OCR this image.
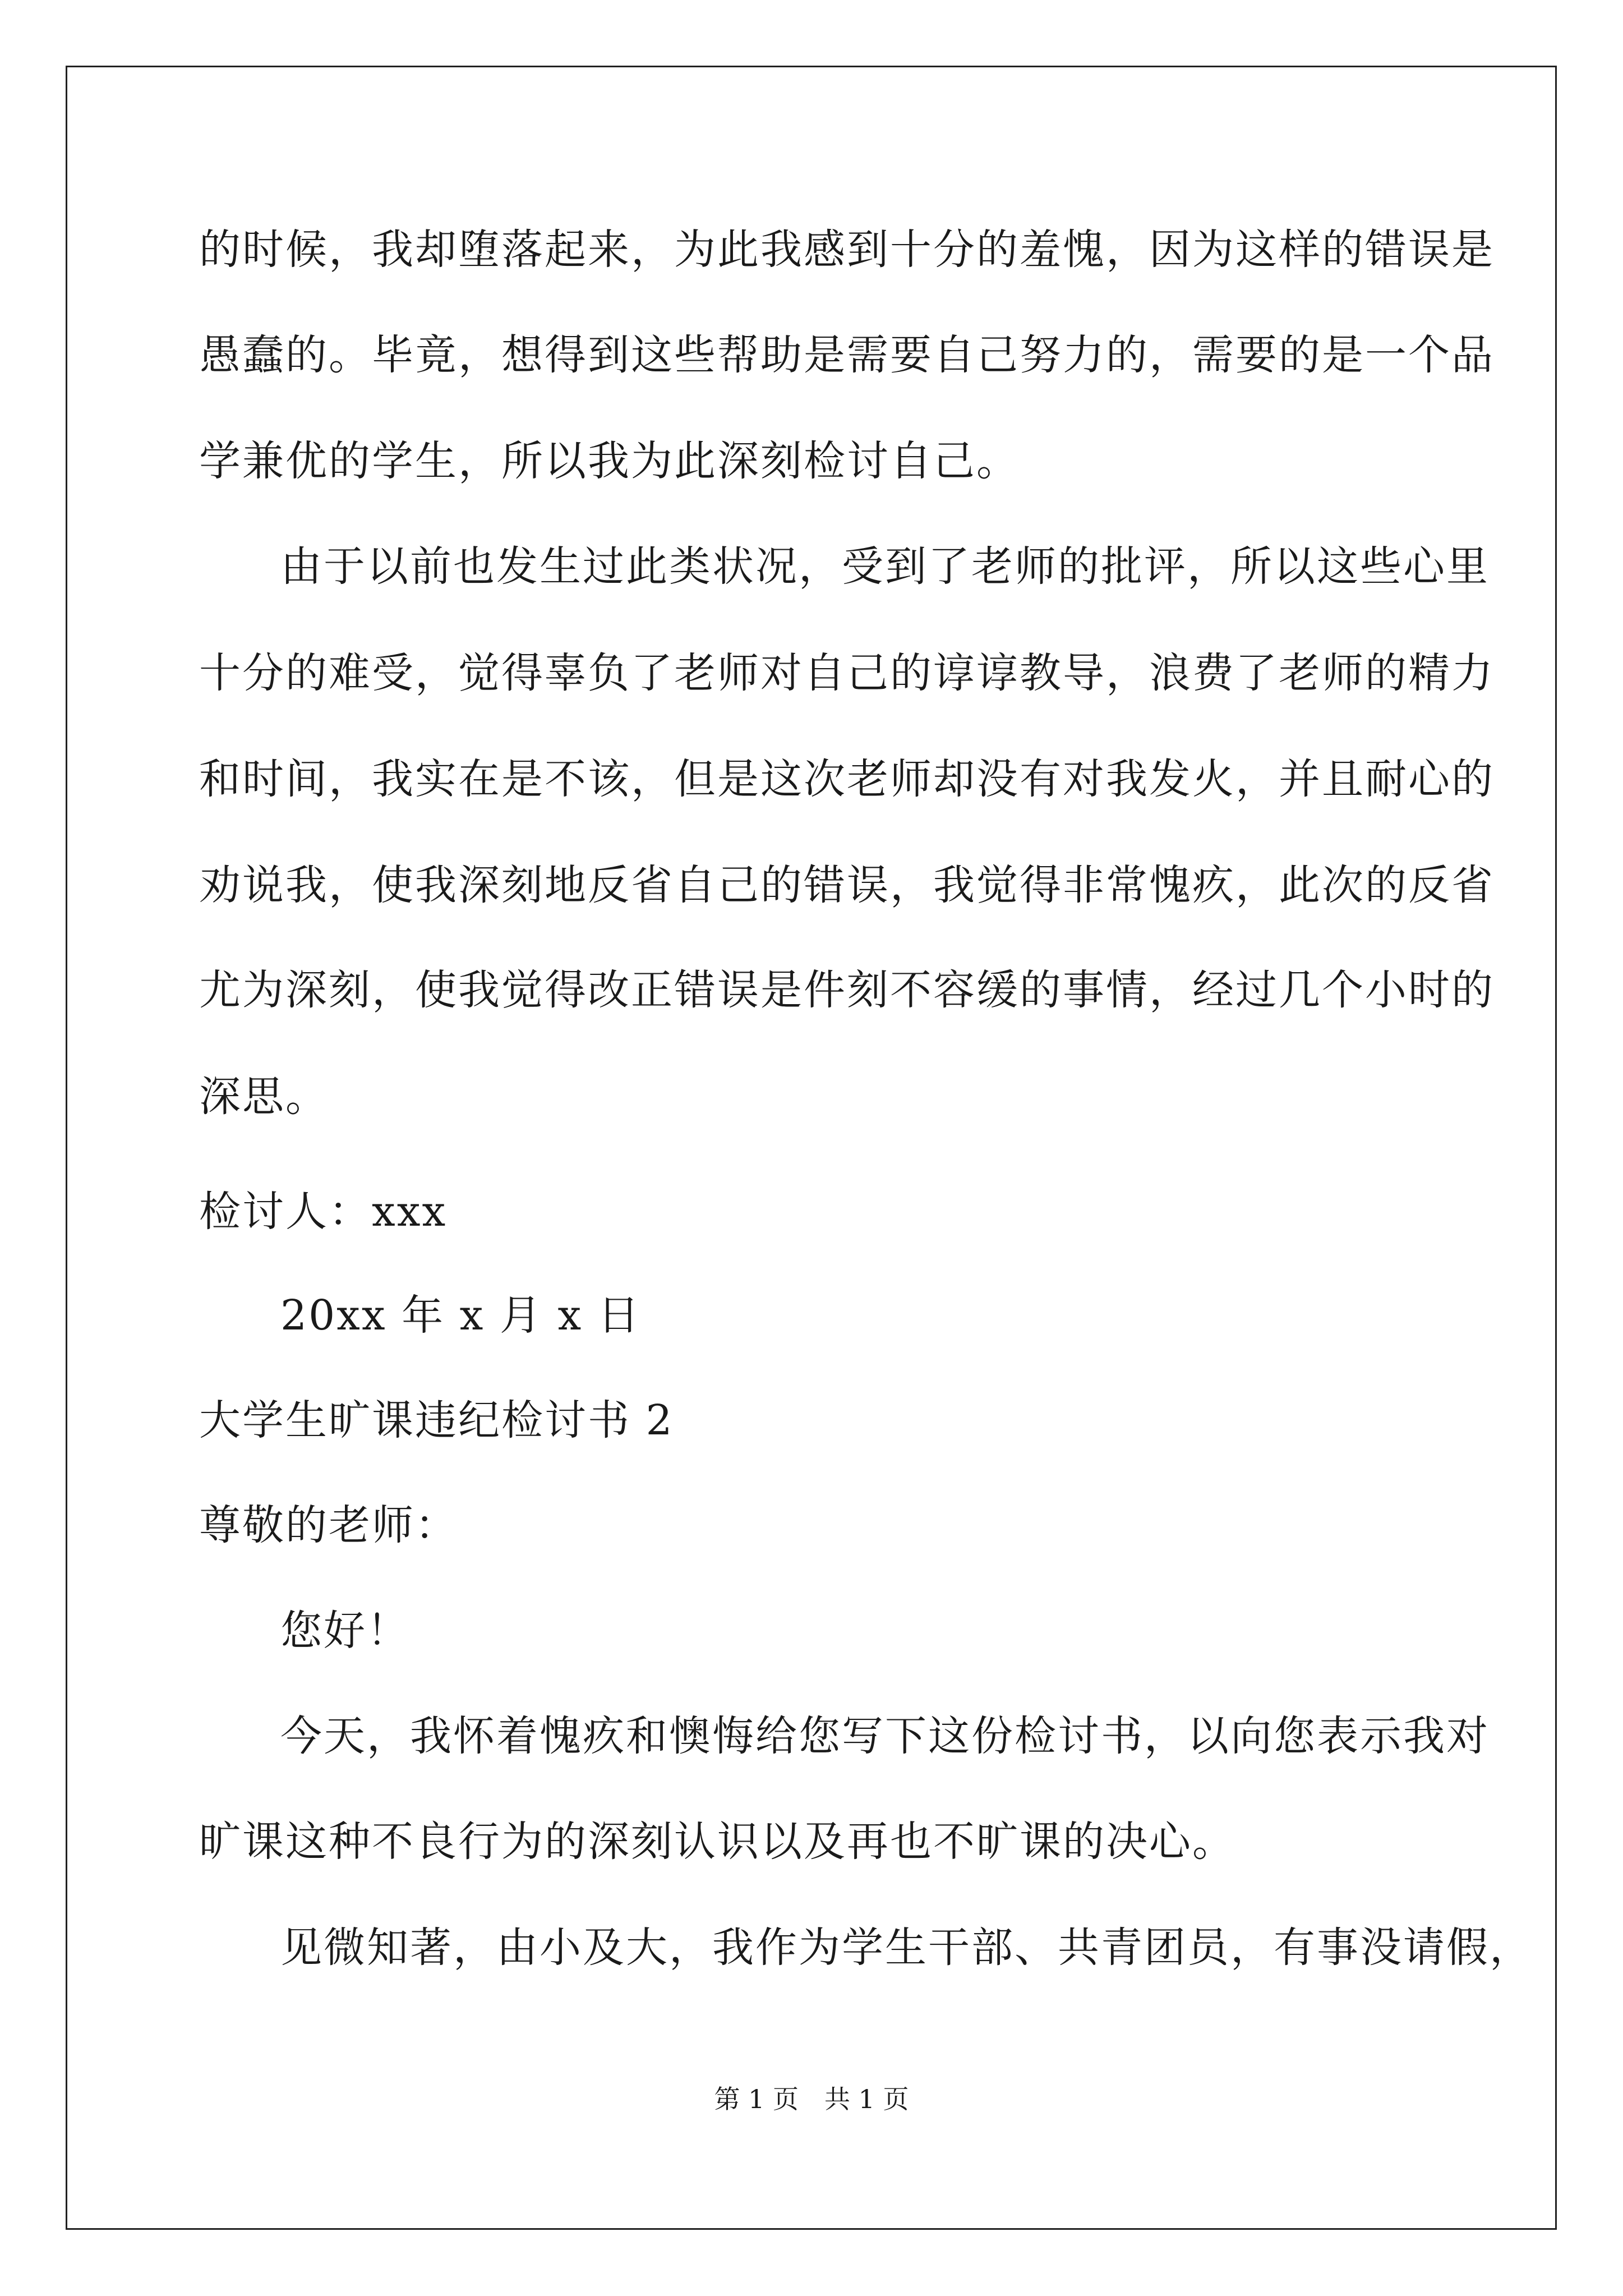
的时候，我却堕落起来，为此我感到十分的羞愧，因为这样的错误是
愚蠢的。毕竟，想得到这些帮助是需要自己努力的，需要的是一个品
学兼优的学生，所以我为此深刻检讨自己。
由于以前也发生过此类状况，受到了老师的批评，所以这些心里
十分的难受，觉得辜负了老师对自己的谆谆教导，浪费了老师的精力
和时间，我实在是不该，但是这次老师却没有对我发火，并且耐心的
劝说我，使我深刻地反省自己的错误，我觉得非常愧疚，此次的反省
尤为深刻，使我觉得改正错误是件刻不容缓的事情，经过几个小时的
深思。
检讨人：xxx
20xx 年 x 月 x 日
大学生旷课违纪检讨书 2
尊敬的老师：
您好！
今天，我怀着愧疚和懊悔给您写下这份检讨书，以向您表示我对
旷课这种不良行为的深刻认识以及再也不旷课的决心。
见微知著，由小及大，我作为学生干部、共青团员，有事没请假，
第 1 页 共 1 页
